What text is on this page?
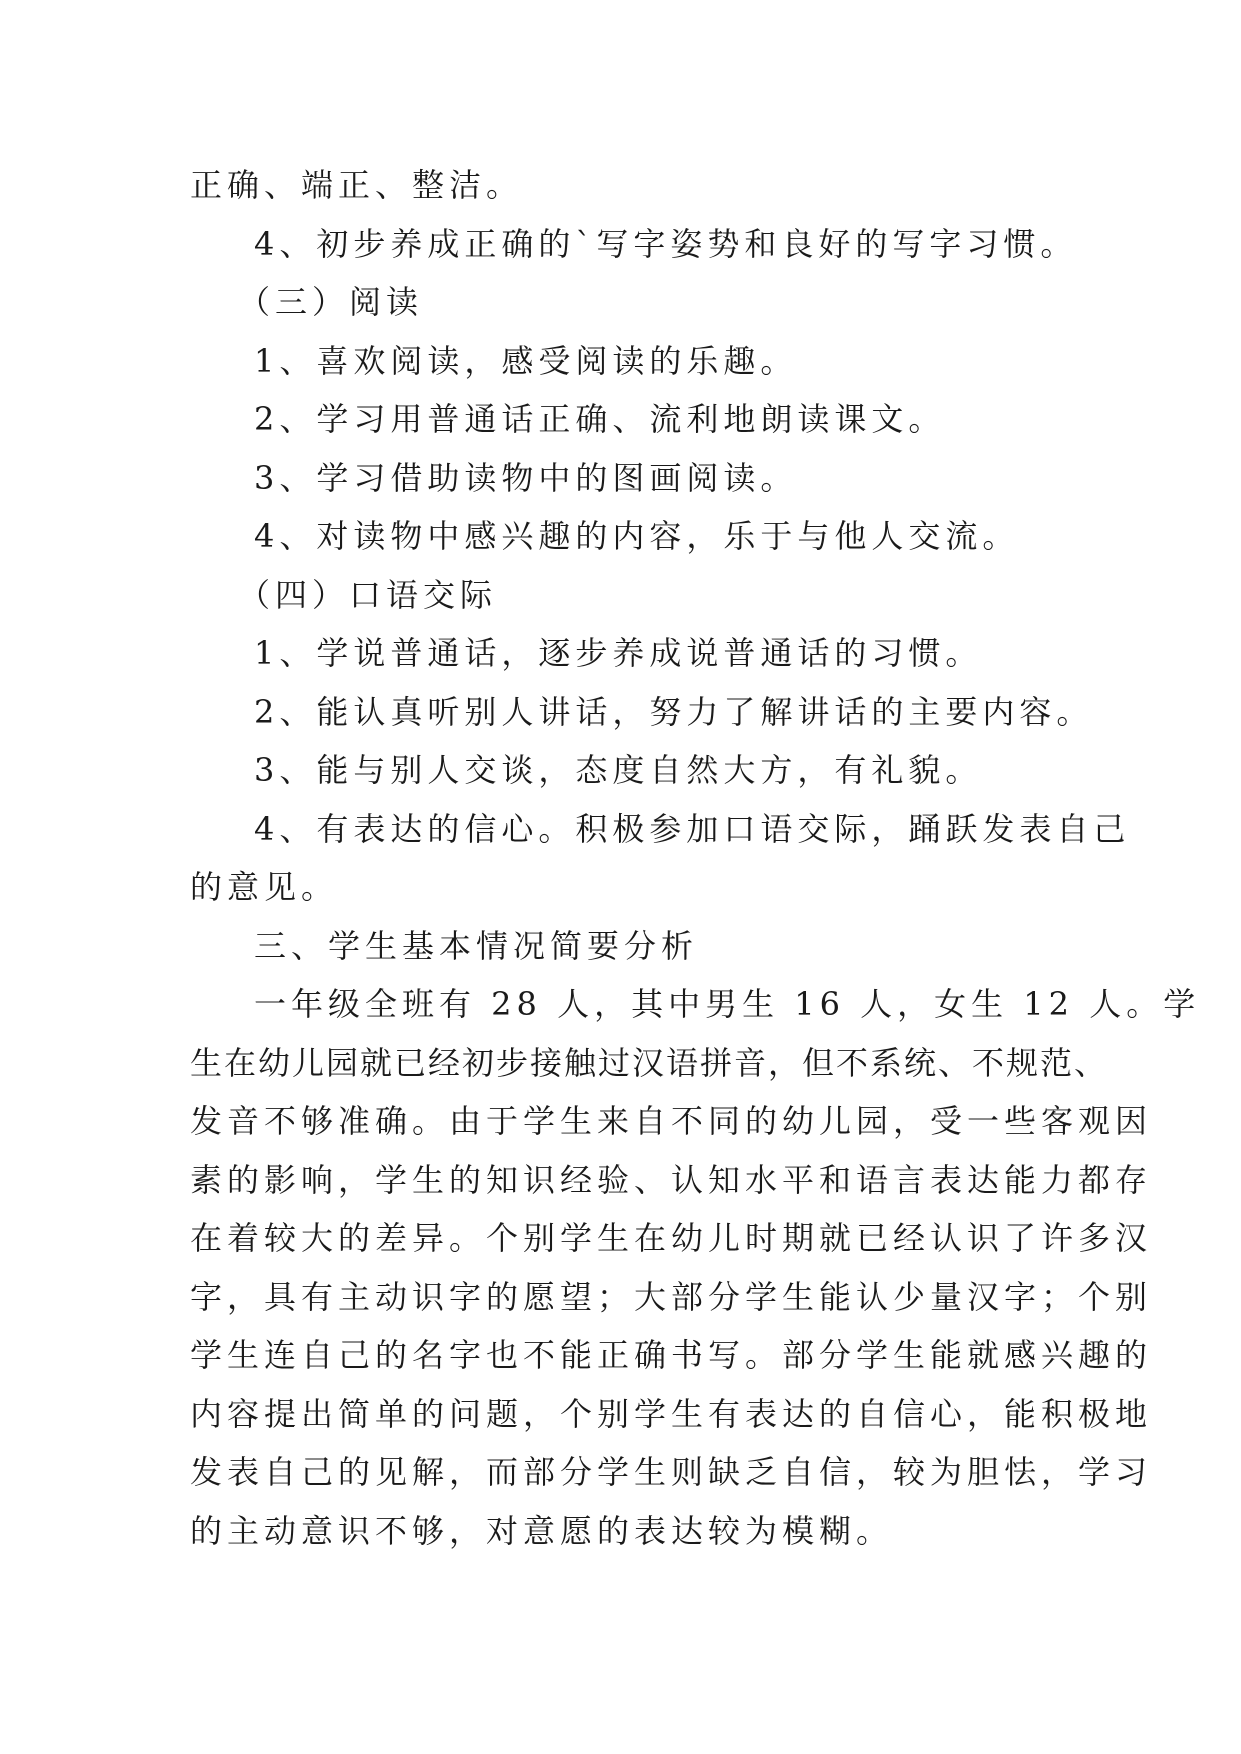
正确、端正、整洁。
4、初步养成正确的`写字姿势和良好的写字习惯。
（三）阅读
1、喜欢阅读，感受阅读的乐趣。
2、学习用普通话正确、流利地朗读课文。
3、学习借助读物中的图画阅读。
4、对读物中感兴趣的内容，乐于与他人交流。
（四）口语交际
1、学说普通话，逐步养成说普通话的习惯。
2、能认真听别人讲话，努力了解讲话的主要内容。
3、能与别人交谈，态度自然大方，有礼貌。
4、有表达的信心。积极参加口语交际，踊跃发表自己
的意见。
三、学生基本情况简要分析
一年级全班有 28 人，其中男生 16 人，女生 12 人。学
生在幼儿园就已经初步接触过汉语拼音，但不系统、不规范、
发音不够准确。由于学生来自不同的幼儿园，受一些客观因
素的影响，学生的知识经验、认知水平和语言表达能力都存
在着较大的差异。个别学生在幼儿时期就已经认识了许多汉
字，具有主动识字的愿望；大部分学生能认少量汉字；个别
学生连自己的名字也不能正确书写。部分学生能就感兴趣的
内容提出简单的问题，个别学生有表达的自信心，能积极地
发表自己的见解，而部分学生则缺乏自信，较为胆怯，学习
的主动意识不够，对意愿的表达较为模糊。
